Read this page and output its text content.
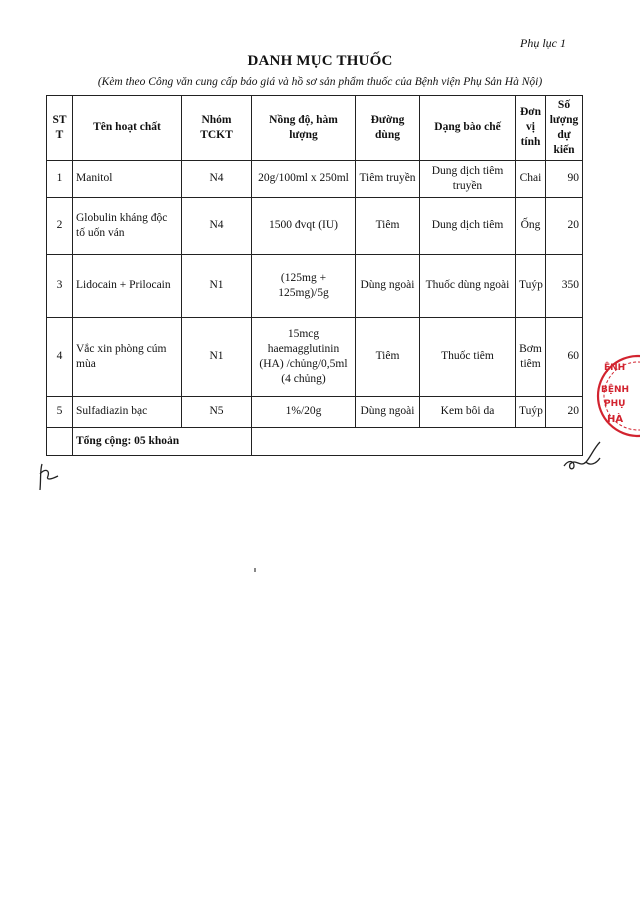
Phụ lục 1
DANH MỤC THUỐC
(Kèm theo Công văn cung cấp báo giá và hồ sơ sản phẩm thuốc của Bệnh viện Phụ Sản Hà Nội)
STT	Tên hoạt chất	Nhóm TCKT	Nồng độ, hàm lượng	Đường dùng	Dạng bào chế	Đơn vị tính	Số lượng dự kiến
1	Manitol	N4	20g/100ml x 250ml	Tiêm truyền	Dung dịch tiêm truyền	Chai	90
2	Globulin kháng độc tố uốn ván	N4	1500 đvqt (IU)	Tiêm	Dung dịch tiêm	Ống	20
3	Lidocain + Prilocain	N1	(125mg + 125mg)/5g	Dùng ngoài	Thuốc dùng ngoài	Tuýp	350
4	Vắc xin phòng cúm mùa	N1	15mcg haemagglutinin (HA) /chủng/0,5ml (4 chủng)	Tiêm	Thuốc tiêm	Bơm tiêm	60
5	Sulfadiazin bạc	N5	1%/20g	Dùng ngoài	Kem bôi da	Tuýp	20
	Tổng cộng: 05 khoản						
ỆNH
BỆNH
PHỤ
HÀ
